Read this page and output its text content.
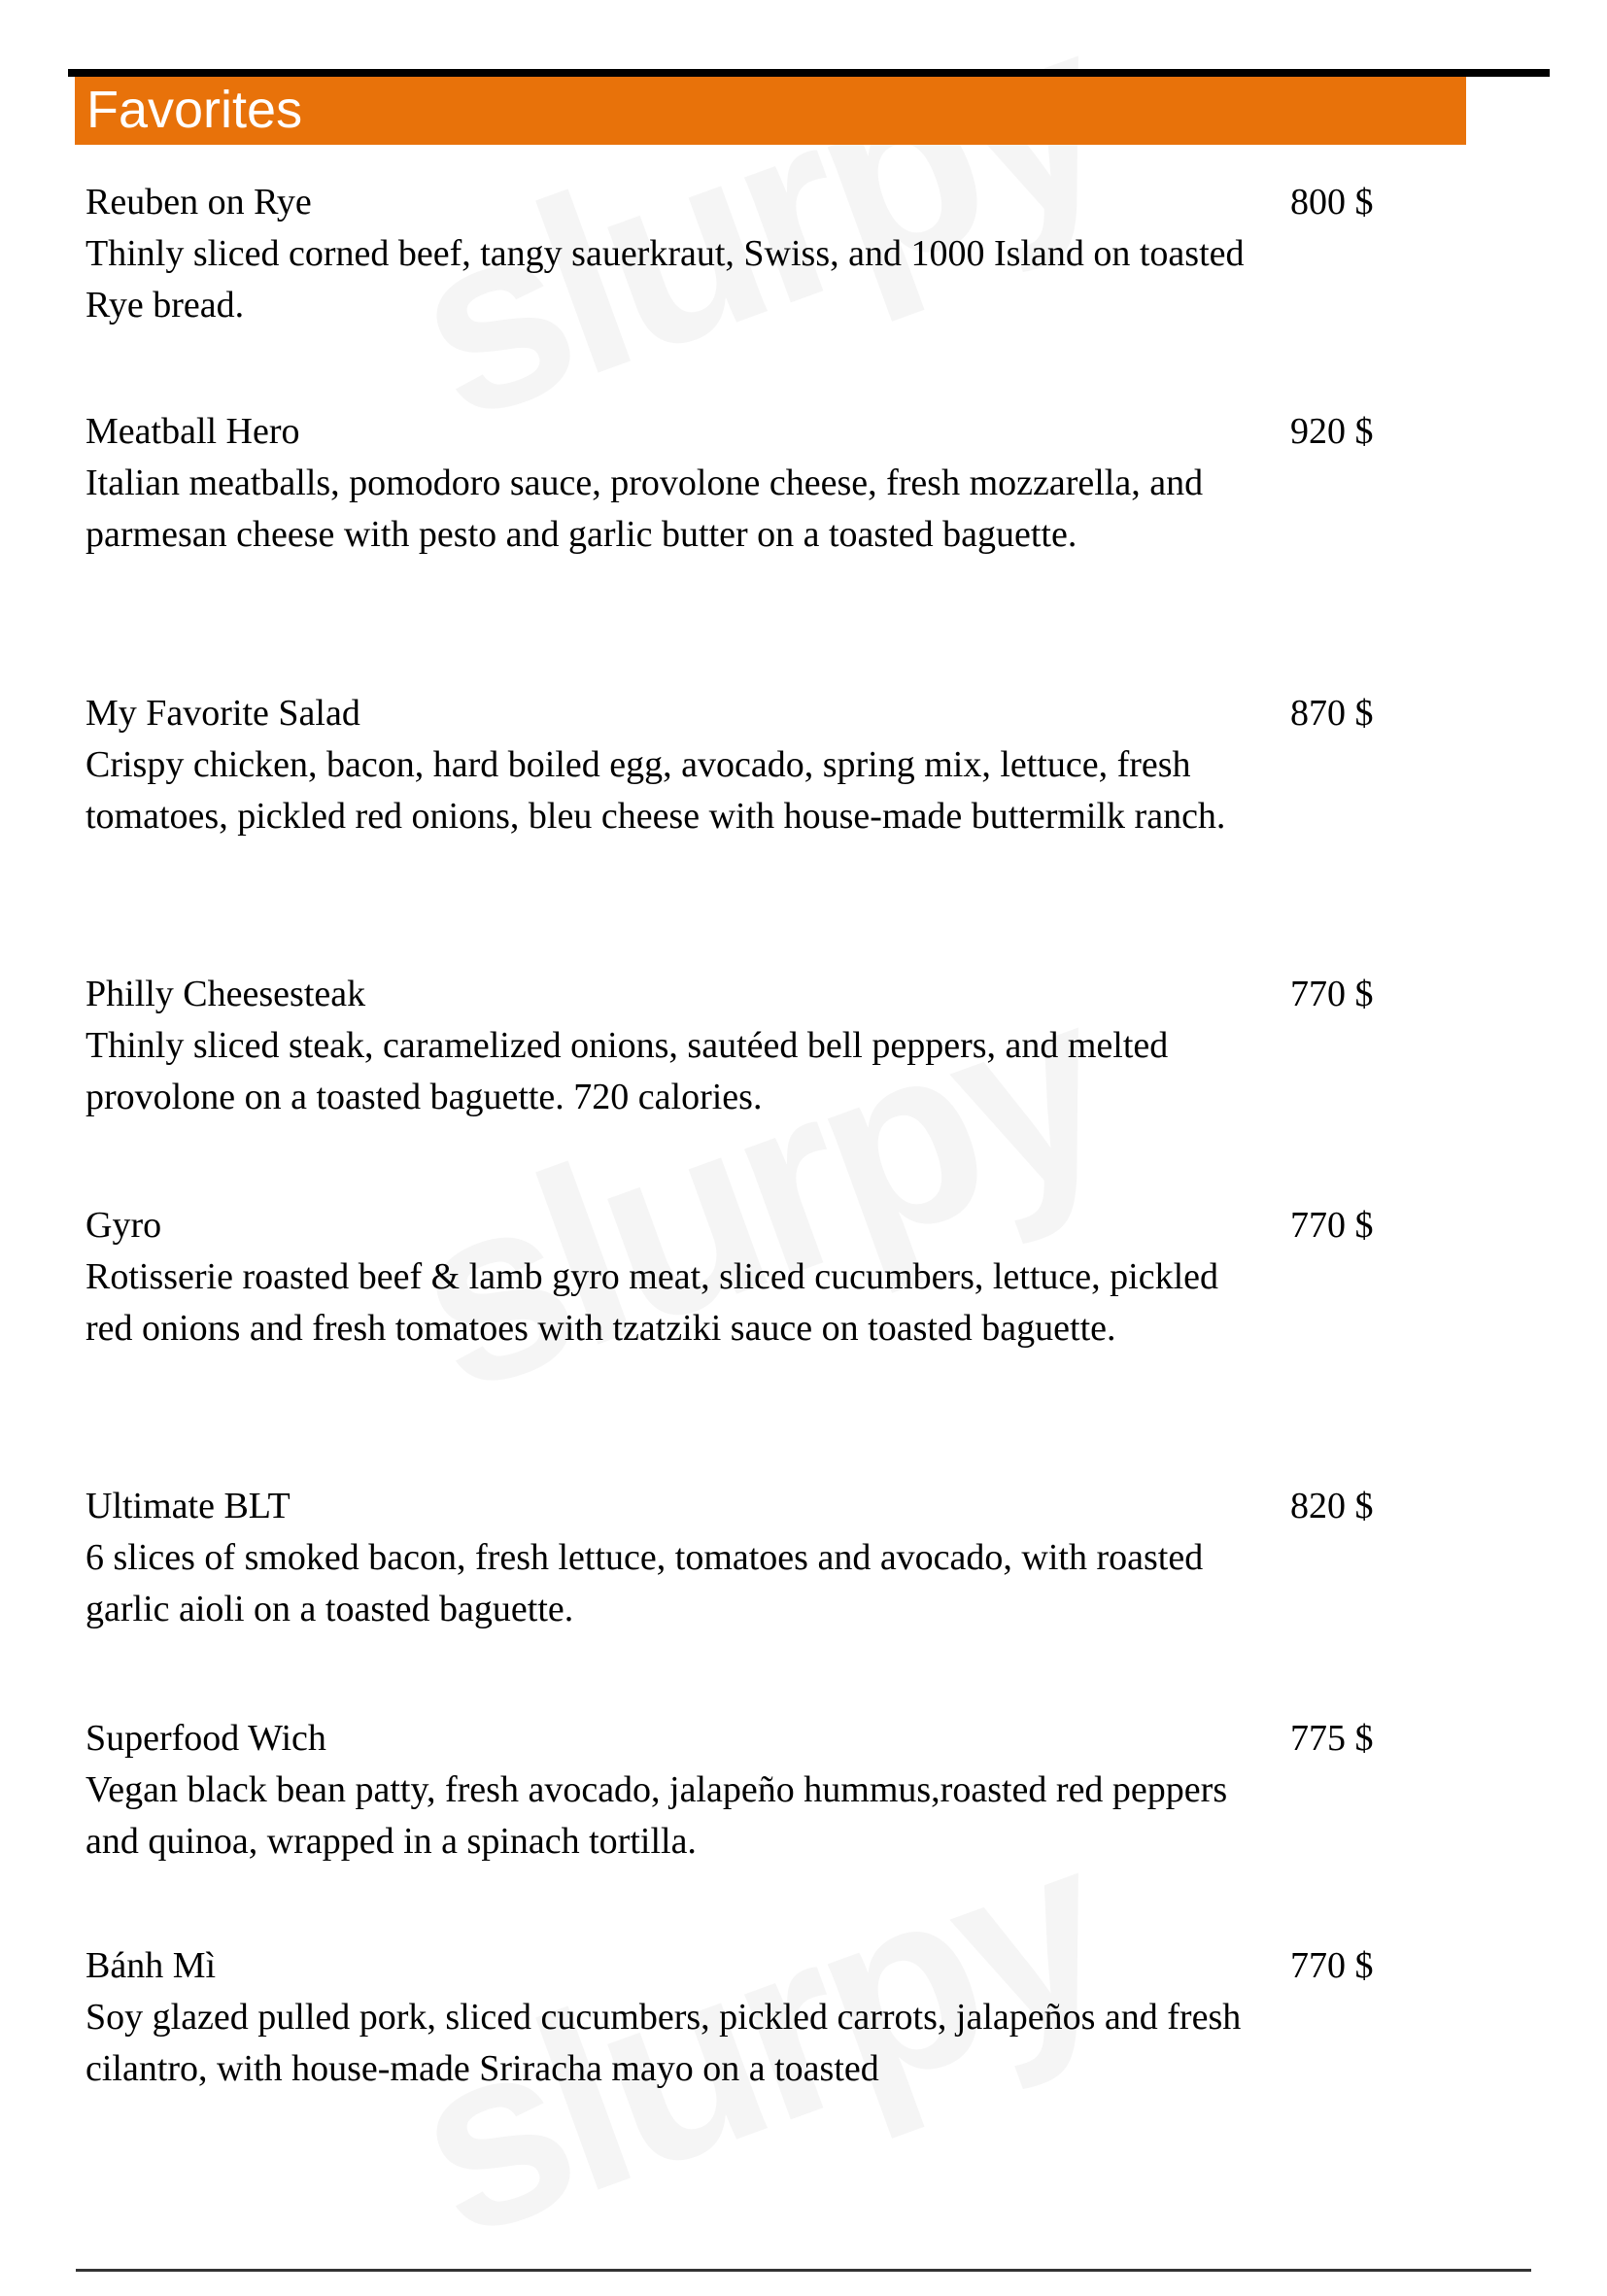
Favorites
Reuben on Rye
Thinly sliced corned beef, tangy sauerkraut, Swiss, and 1000 Island on toasted Rye bread.
800 $
Meatball Hero
Italian meatballs, pomodoro sauce, provolone cheese, fresh mozzarella, and parmesan cheese with pesto and garlic butter on a toasted baguette.
920 $
My Favorite Salad
Crispy chicken, bacon, hard boiled egg, avocado, spring mix, lettuce, fresh tomatoes, pickled red onions, bleu cheese with house-made buttermilk ranch.
870 $
Philly Cheesesteak
Thinly sliced steak, caramelized onions, sautéed bell peppers, and melted provolone on a toasted baguette. 720 calories.
770 $
Gyro
Rotisserie roasted beef & lamb gyro meat, sliced cucumbers, lettuce, pickled red onions and fresh tomatoes with tzatziki sauce on toasted baguette.
770 $
Ultimate BLT
6 slices of smoked bacon, fresh lettuce, tomatoes and avocado, with roasted garlic aioli on a toasted baguette.
820 $
Superfood Wich
Vegan black bean patty, fresh avocado, jalapeño hummus,roasted red peppers and quinoa, wrapped in a spinach tortilla.
775 $
Bánh Mì
Soy glazed pulled pork, sliced cucumbers, pickled carrots, jalapeños and fresh cilantro, with house-made Sriracha mayo on a toasted
770 $
